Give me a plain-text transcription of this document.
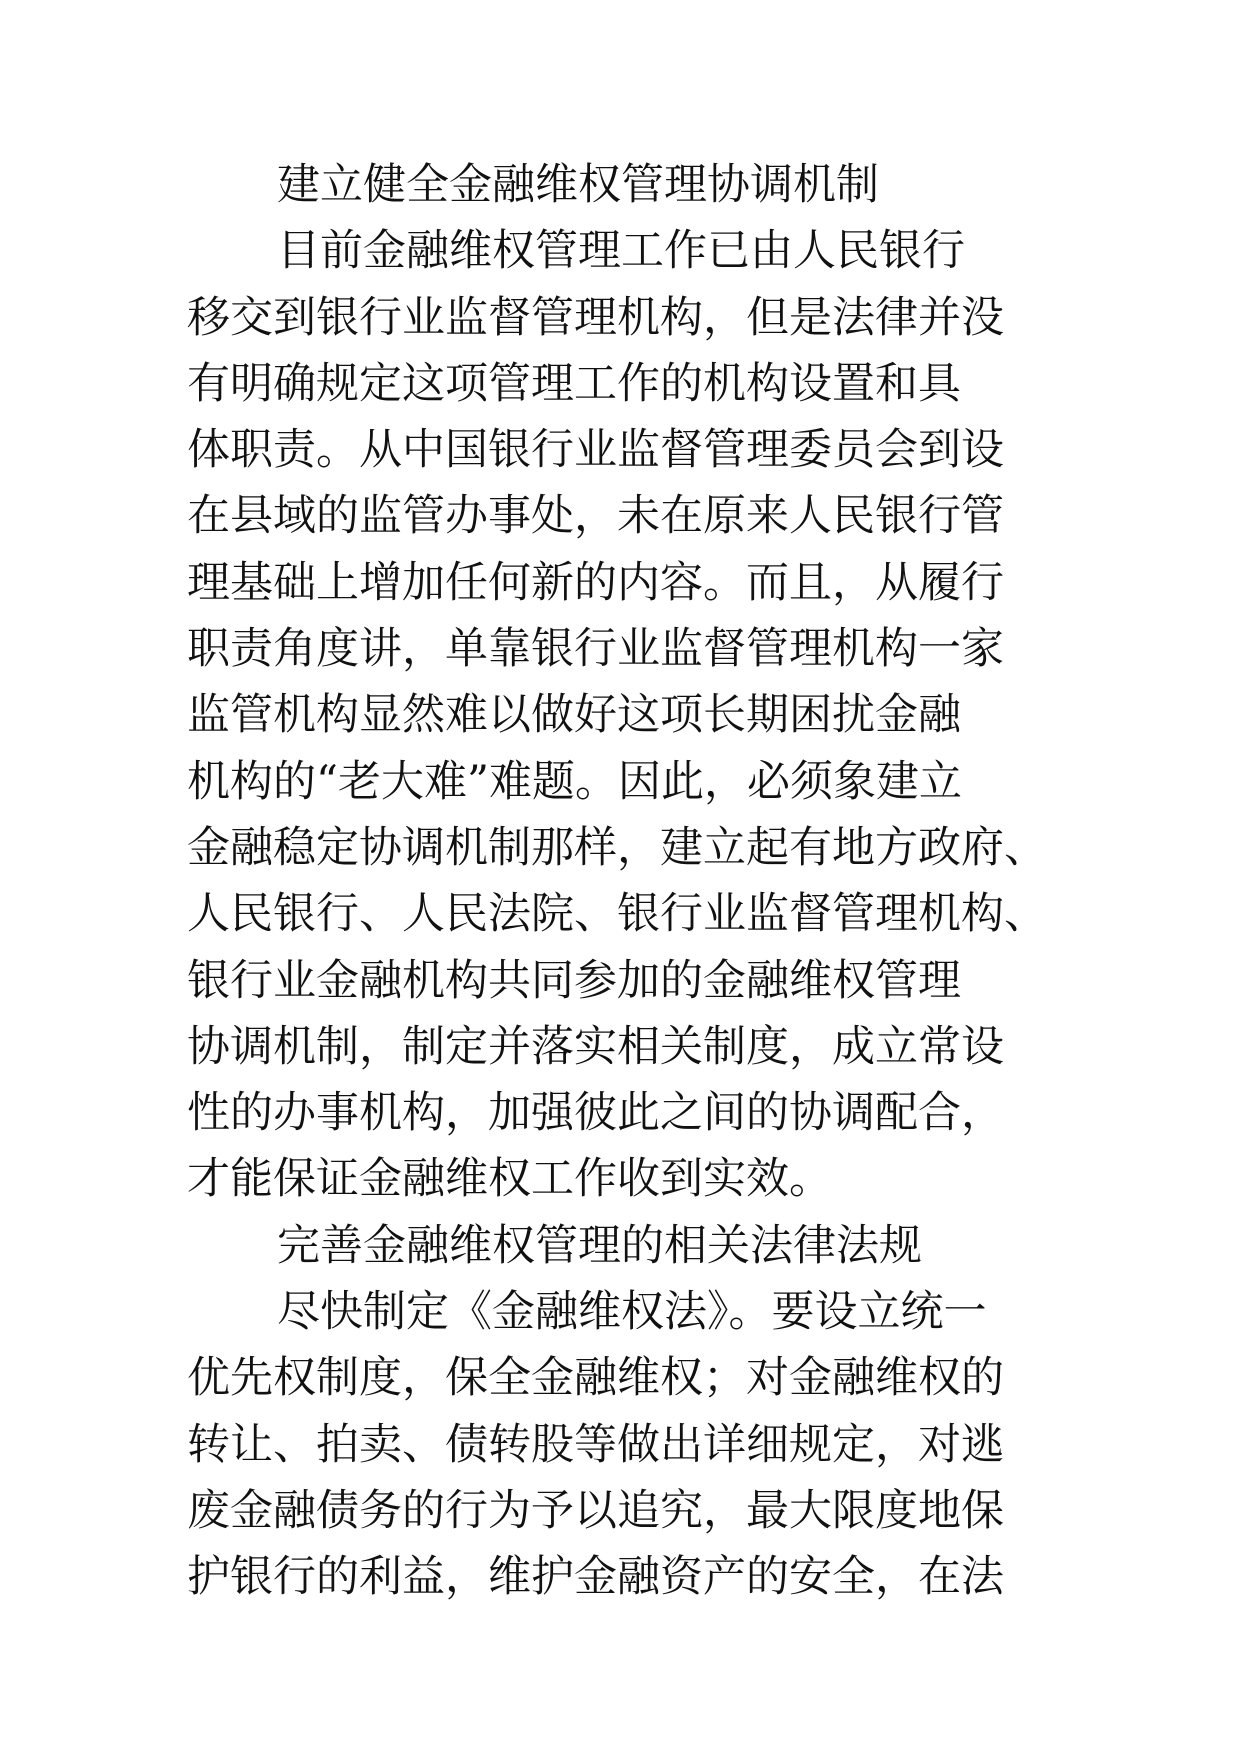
建立健全金融维权管理协调机制
目前金融维权管理工作已由人民银行
移交到银行业监督管理机构，但是法律并没
有明确规定这项管理工作的机构设置和具
体职责。从中国银行业监督管理委员会到设
在县域的监管办事处，未在原来人民银行管
理基础上增加任何新的内容。而且，从履行
职责角度讲，单靠银行业监督管理机构一家
监管机构显然难以做好这项长期困扰金融
机构的“老大难”难题。因此，必须象建立
金融稳定协调机制那样，建立起有地方政府、
人民银行、人民法院、银行业监督管理机构、
银行业金融机构共同参加的金融维权管理
协调机制，制定并落实相关制度，成立常设
性的办事机构，加强彼此之间的协调配合，
才能保证金融维权工作收到实效。
完善金融维权管理的相关法律法规
尽快制定《金融维权法》。要设立统一
优先权制度，保全金融维权；对金融维权的
转让、拍卖、债转股等做出详细规定，对逃
废金融债务的行为予以追究，最大限度地保
护银行的利益，维护金融资产的安全，在法
